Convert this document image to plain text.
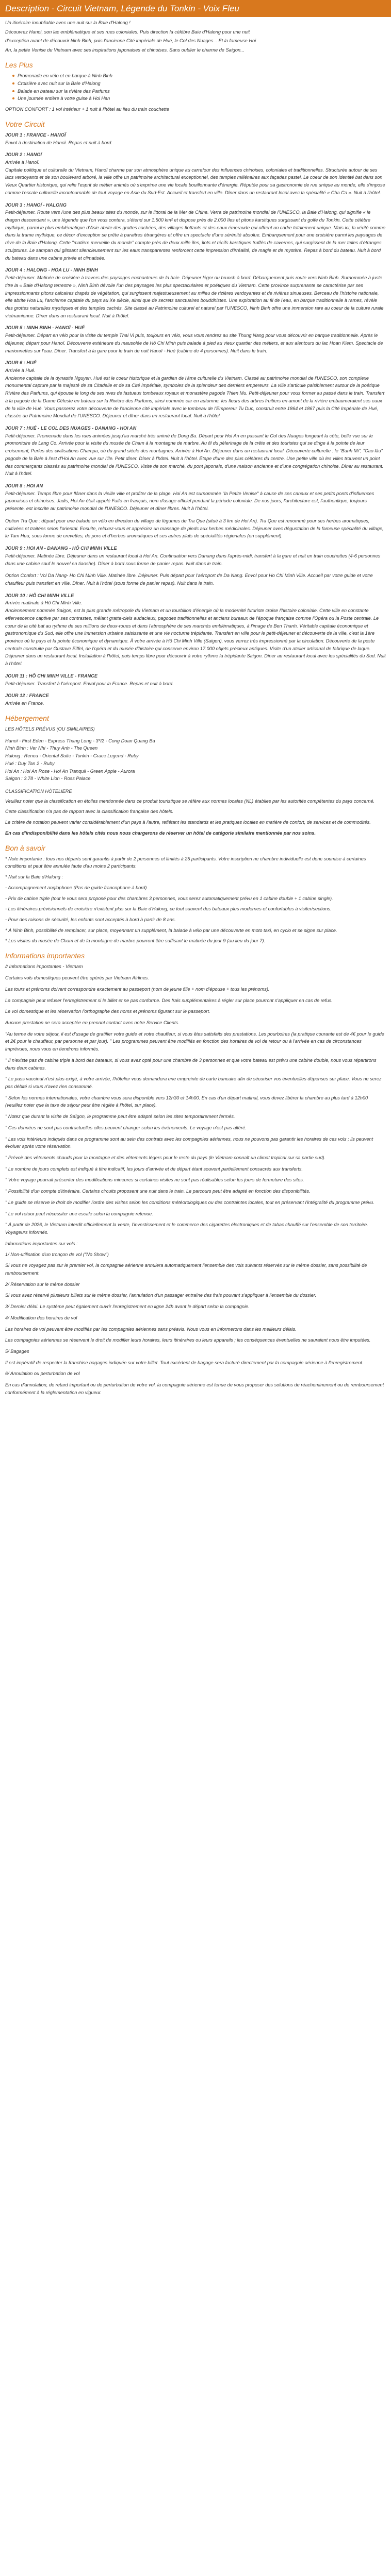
Description - Circuit Vietnam, Légende du Tonkin - Voix Fleu

Un itinéraire inoubliable avec une nuit sur la Baie d'Halong !

Découvrez Hanoi, son lac emblématique et ses rues coloniales. Puis direction la célèbre Baie d'Halong pour une nuit

d'exception avant de découvrir Ninh Binh, puis l'ancienne Cité impériale de Hué, le Col des Nuages... Et la fameuse Hoi

An, la petite Venise du Vietnam avec ses inspirations japonaises et chinoises. Sans oublier le charme de Saigon...

Les Plus
Promenade en vélo et en barque à Ninh Binh
Croisière avec nuit sur la Baie d'Halong
Balade en bateau sur la rivière des Parfums
Une journée entière à votre guise à Hoi Han

OPTION CONFORT : 1 vol intérieur + 1 nuit à l'hôtel au lieu du train couchette

Votre Circuit

JOUR 1 : FRANCE - HANOÏ

Envol à destination de Hanoï. Repas et nuit à bord.

JOUR 2 : HANOÏ

Arrivée à Hanoï.

Capitale politique et culturelle du Vietnam, Hanoï charme par son atmosphère unique au carrefour des influences chinoises, coloniales et traditionnelles. Structurée autour de ses lacs verdoyants et de son boulevard arboré, la ville offre un patrimoine architectural exceptionnel, des temples millénaires aux façades pastel. Le coeur de son identité bat dans son Vieux Quartier historique, qui relie l'esprit de métier animés où s'exprime une vie locale bouillonnante d'énergie. Réputée pour sa gastronomie de rue unique au monde, elle s'impose comme l'escale culturelle incontournable de tout voyage en Asie du Sud-Est. Accueil et transfert en ville. Dîner dans un restaurant local avec la spécialité « Cha Ca ». Nuit à l'hôtel.

JOUR 3 : HANOÏ - HALONG

Petit-déjeuner. Route vers l'une des plus beaux sites du monde, sur le littoral de la Mer de Chine. Verra de patrimoine mondial de l'UNESCO, la Baie d'Halong, qui signifie « le dragon descendant », une légende que l'on vous contera, s'étend sur 1.500 km² et dispose près de 2.000 îles et pitons karstiques surgissant du golfe du Tonkin. Cette célèbre mythique, parmi le plus emblématique d'Asie abrite des grottes cachées, des villages flottants et des eaux émeraude qui offrent un cadre totalement unique. Mais ici, la vérité comme dans la trame mythique, ce décor d'exception se prête à paraitres étrangères et offre un spectacle d'une sérénité absolue. Embarquement pour une croisière parmi les paysages de rêve de la Baie d'Halong. Cette "matière merveille du monde" compte près de deux mille îles, îlots et récifs karstiques truffés de cavernes, qui surgissent de la mer telles d'étranges sculptures. Le sampan qui glissant silencieusement sur les eaux transparentes renforcent cette impression d'irréalité, de magie et de mystère. Repas à bord du bateau. Nuit à bord du bateau dans une cabine privée et climatisée.

JOUR 4 : HALONG - HOA LU - NINH BINH

Petit-déjeuner. Matinée de croisière à travers des paysages enchanteurs de la baie. Déjeuner léger ou brunch à bord. Débarquement puis route vers Ninh Binh. Surnommée à juste titre la « Baie d'Halong terrestre », Ninh Binh dévoile l'un des paysages les plus spectaculaires et poétiques du Vietnam. Cette province surprenante se caractérise par ses impressionnants pitons calcaires drapés de végétation, qui surgissent majestueusement au milieu de rizières verdoyantes et de rivières sinueuses. Berceau de l'histoire nationale, elle abrite Hoa Lu, l'ancienne capitale du pays au Xe siècle, ainsi que de secrets sanctuaires bouddhistes. Une exploration au fil de l'eau, en barque traditionnelle à rames, révèle des grottes naturelles mystiques et des temples cachés. Site classé au Patrimoine culturel et naturel par l'UNESCO, Ninh Binh offre une immersion rare au coeur de la culture rurale vietnamienne. Dîner dans un restaurant local. Nuit à l'hôtel.

JOUR 5 : NINH BINH - HANOÏ - HUÉ

Petit-déjeuner. Départ en vélo pour la visite du temple Thai Vi puis, toujours en vélo, vous vous rendrez au site Thung Nang pour vous découvrir en barque traditionnelle. Après le déjeuner, départ pour Hanoï. Découverte extérieure du mausolée de Hô Chi Minh puis balade à pied au vieux quartier des métiers, et aux alentours du lac Hoan Kiem. Spectacle de marionnettes sur l'eau. Dîner. Transfert à la gare pour le train de nuit Hanoï - Hué (cabine de 4 personnes). Nuit dans le train.

JOUR 6 : HUÉ

Arrivée à Hué.

Ancienne capitale de la dynastie Nguyen, Hué est le coeur historique et la gardien de l'âme culturelle du Vietnam. Classé au patrimoine mondial de l'UNESCO, son complexe monumental capture par la majesté de sa Citadelle et de sa Cité Impériale, symboles de la splendeur des derniers empereurs. La ville s'articule paisiblement autour de la poétique Rivière des Parfums, qui épouse le long de ses rives de fastueux tombeaux royaux et monastère pagode Thien Mu. Petit-déjeuner pour vous former au passé dans le train. Transfert à la pagode de la Dame Céleste en bateau sur la Rivière des Parfums, ainsi nommée car en automne, les fleurs des arbres fruitiers en amont de la rivière embaumeraient ses eaux de la ville de Hué. Vous passerez votre découverte de l'ancienne cité impériale avec le tombeau de l'Empereur Tu Duc, construit entre 1864 et 1867 puis la Cité Impériale de Hué, classée au Patrimoine Mondial de l'UNESCO. Déjeuner et dîner dans un restaurant local. Nuit à l'hôtel.

JOUR 7 : HUÉ - LE COL DES NUAGES - DANANG - HOI AN

Petit-déjeuner. Promenade dans les rues animées jusqu'au marché très animé de Dong Ba. Départ pour Hoi An en passant le Col des Nuages longeant la côte, belle vue sur le promontoire de Lang Co. Arrivée pour la visite du musée de Cham à la montagne de marbre. Au fil du pèlerinage de la crête et des touristes qui se dirige à la pointe de leur croisement, Perles des civilisations Champa, où du grand siècle des montagnes. Arrivée à Hoi An. Déjeuner dans un restaurant local. Découverte culturelle : le "Banh Mi", "Cao lâu" pagode de la Baie à l'est d'Hoi An avec vue sur l'île. Petit dîner. Dîner à l'hôtel. Nuit à l'hôtel. Étape d'une des plus célèbres du centre. Une petite ville où les villes trouvent un point des commerçants classés au patrimoine mondial de l'UNESCO. Visite de son marché, du pont japonais, d'une maison ancienne et d'une congrégation chinoise. Dîner au restaurant. Nuit à l'hôtel.

JOUR 8 : HOI AN

Petit-déjeuner. Temps libre pour flâner dans la vieille ville et profiter de la plage. Hoi An est surnommée "la Petite Venise" à cause de ses canaux et ses petits ponts d'influences japonaises et chinoises. Jadis, Hoi An était appelé Faifo en français, nom d'usage officiel pendant la période coloniale. De nos jours, l'architecture est, l'authentique, toujours présente, est inscrite au patrimoine mondial de l'UNESCO. Déjeuner et dîner libres. Nuit à l'hôtel.

Option Tra Que : départ pour une balade en vélo en direction du village de légumes de Tra Que (situé à 3 km de Hoi An). Tra Que est renommé pour ses herbes aromatiques, cultivées et traitées selon l'oriental. Ensuite, relaxez-vous et appréciez un massage de pieds aux herbes médicinales. Déjeuner avec dégustation de la fameuse spécialité du village, le Tam Huu, sous forme de crevettes, de porc et d'herbes aromatiques et ses autres plats de spécialités régionales (en supplément).

JOUR 9 : HOI AN - DANANG - HÔ CHI MINH VILLE

Petit-déjeuner. Matinée libre. Déjeuner dans un restaurant local à Hoi An. Continuation vers Danang dans l'après-midi, transfert à la gare et nuit en train couchettes (4-6 personnes dans une cabine sauf le nouvel en tiaoshe). Dîner à bord sous forme de panier repas. Nuit dans le train.

Option Confort : Vol Da Nang- Ho Chi Minh Ville. Matinée libre. Déjeuner. Puis départ pour l'aéroport de Da Nang. Envol pour Ho Chi Minh Ville. Accueil par votre guide et votre chauffeur puis transfert en ville. Dîner. Nuit à l'hôtel (sous forme de panier repas). Nuit dans le train.

JOUR 10 : HÔ CHI MINH VILLE

Arrivée matinale à Hô Chi Minh Ville.

Anciennement nommée Saigon, est la plus grande métropole du Vietnam et un tourbillon d'énergie où la modernité futuriste croise l'histoire coloniale. Cette ville en constante effervescence captive par ses contrastes, mêlant gratte-ciels audacieux, pagodes traditionnelles et anciens bureaux de l'époque française comme l'Opéra ou la Poste centrale. Le cœur de la cité bat au rythme de ses millions de deux-roues et dans l'atmosphère de ses marchés emblématiques, à l'image de Ben Thanh. Véritable capitale économique et gastronomique du Sud, elle offre une immersion urbaine saisissante et une vie nocturne trépidante. Transfert en ville pour le petit-déjeuner et découverte de la ville, c'est la 1ère province où le pays et la pointe économique et dynamique. À votre arrivée à Hô Chi Minh Ville (Saigon), vous verrez très impressionné par la circulation. Découverte de la poste centrale construite par Gustave Eiffel, de l'opéra et du musée d'histoire qui conserve environ 17.000 objets précieux antiques. Visite d'un atelier artisanal de fabrique de laque. Déjeuner dans un restaurant local. Installation à l'hôtel, puis temps libre pour découvrir à votre rythme la trépidante Saigon. Dîner au restaurant local avec les spécialités du Sud. Nuit à l'hôtel.

JOUR 11 : HÔ CHI MINH VILLE - FRANCE

Petit-déjeuner. Transfert à l'aéroport. Envol pour la France. Repas et nuit à bord.

JOUR 12 : FRANCE

Arrivée en France.

Hébergement

LES HÔTELS PRÉVUS (OU SIMILAIRES)

Hanoï - First Eden - Express Thang Long - 3*/2 - Cong Doan Quang Ba

Ninh Binh : Ver Nhi - Thuy Anh - The Queen

Halong : Renea - Oriental Suite - Tonkin - Grace Legend - Ruby

Hué : Duy Tan 2 - Ruby

Hoi An : Hoi An Rose - Hoi An Tranquil - Green Apple - Aurora

Saigon : 3.78 - White Lion - Ross Palace

CLASSIFICATION HÔTELIÈRE

Veuillez noter que la classification en étoiles mentionnée dans ce produit touristique se réfère aux normes locales (NL) établies par les autorités compétentes du pays concerné.

Cette classification n'a pas de rapport avec la classification française des hôtels.

Le critère de notation peuvent varier considérablement d'un pays à l'autre, reflétant les standards et les pratiques locales en matière de confort, de services et de commodités.

En cas d'indisponibilité dans les hôtels cités nous nous chargerons de réserver un hôtel de catégorie similaire mentionnée par nos soins.

Bon à savoir

* Note importante : tous nos départs sont garantis à partir de 2 personnes et limités à 25 participants. Votre inscription ne chambre individuelle est donc soumise à certaines conditions et peut être annulée faute d'au moins 2 participants.

* Nuit sur la Baie d'Halong :

- Accompagnement anglophone (Pas de guide francophone à bord)

- Prix de cabine triple (tout le vous sera proposé pour des chambres 3 personnes, vous serez automatiquement prévu en 1 cabine double + 1 cabine single).

- Les itinéraires prévisionnels de croisière n'existent plus sur la Baie d'Halong, ce tout sauvent des bateaux plus modernes et confortables à visiter/sections.

- Pour des raisons de sécurité, les enfants sont acceptés à bord à partir de 8 ans.

* À Ninh Binh, possibilité de remplacer, sur place, moyennant un supplément, la balade à vélo par une découverte en moto taxi, en cyclo et se signe sur place.

* Les visites du musée de Cham et de la montagne de marbre pourront être suffisant le matinée du jour 9 (au lieu du jour 7).

Informations importantes

// Informations importantes - Vietnam

Certains vols domestiques peuvent être opérés par Vietnam Airlines.

Les tours et prénoms doivent correspondre exactement au passeport (nom de jeune fille + nom d'épouse + tous les prénoms).

La compagnie peut refuser l'enregistrement si le billet et ne pas conforme. Des frais supplémentaires à régler sur place pourront s'appliquer en cas de refus.

Le vol domestique et les réservation l'orthographe des noms et prénoms figurant sur le passeport.

Aucune prestation ne sera acceptée en prenant contact avec notre Service Clients.

"Au terme de votre séjour, il est d'usage de gratifier votre guide et votre chauffeur, si vous êtes satisfaits des prestations. Les pourboires (la pratique courante est de 4€ pour le guide et 2€ pour le chauffeur, par personne et par jour). " Les programmes peuvent être modifiés en fonction des horaires de vol de retour ou à l'arrivée en cas de circonstances imprévues, nous vous en tiendrons informés.

" Il n'existe pas de cabine triple à bord des bateaux, si vous avez opté pour une chambre de 3 personnes et que votre bateau est prévu une cabine double, nous vous répartirons dans deux cabines.

" Le pass vaccinal n'est plus exigé, à votre arrivée, l'hôtelier vous demandera une empreinte de carte bancaire afin de sécuriser vos éventuelles dépenses sur place. Vous ne serez pas débité si vous n'avez rien consommé.

" Selon les normes internationales, votre chambre vous sera disponible vers 12h30 et 14h00. En cas d'un départ matinal, vous devez libérer la chambre au plus tard à 12h00 (veuillez noter que la taxe de séjour peut être réglée à l'hôtel, sur place).

" Notez que durant la visite de Saïgon, le programme peut être adapté selon les sites temporairement fermés.

" Ces données ne sont pas contractuelles elles peuvent changer selon les événements. Le voyage n'est pas altéré.

" Les vols intérieurs indiqués dans ce programme sont au sein des contrats avec les compagnies aériennes, nous ne pouvons pas garantir les horaires de ces vols ; ils peuvent évoluer après votre réservation.

" Prévoir des vêtements chauds pour la montagne et des vêtements légers pour le reste du pays (le Vietnam connaît un climat tropical sur sa partie sud).

" Le nombre de jours complets est indiqué à titre indicatif, les jours d'arrivée et de départ étant souvent partiellement consacrés aux transferts.

" Votre voyage pourrait présenter des modifications mineures si certaines visites ne sont pas réalisables selon les jours de fermeture des sites.

" Possibilité d'un compte d'itinéraire. Certains circuits proposent une nuit dans le train. Le parcours peut être adapté en fonction des disponibilités.

" Le guide se réserve le droit de modifier l'ordre des visites selon les conditions météorologiques ou des contraintes locales, tout en préservant l'intégralité du programme prévu.

" Le vol retour peut nécessiter une escale selon la compagnie retenue.

" À partir de 2026, le Vietnam interdit officiellement la vente, l'investissement et le commerce des cigarettes électroniques et de tabac chauffé sur l'ensemble de son territoire. Voyageurs informés.

Informations importantes sur vols :

1/ Non-utilisation d'un tronçon de vol ("No Show")

Si vous ne voyagez pas sur le premier vol, la compagnie aérienne annulera automatiquement l'ensemble des vols suivants réservés sur le même dossier, sans possibilité de remboursement.

2/ Réservation sur le même dossier

Si vous avez réservé plusieurs billets sur le même dossier, l'annulation d'un passager entraîne des frais pouvant s'appliquer à l'ensemble du dossier.

3/ Dernier délai. Le système peut également ouvrir l'enregistrement en ligne 24h avant le départ selon la compagnie.

4/ Modification des horaires de vol

Les horaires de vol peuvent être modifiés par les compagnies aériennes sans préavis. Nous vous en informerons dans les meilleurs délais.

Les compagnies aériennes se réservent le droit de modifier leurs horaires, leurs itinéraires ou leurs appareils ; les conséquences éventuelles ne sauraient nous être imputées.

5/ Bagages

Il est impératif de respecter la franchise bagages indiquée sur votre billet. Tout excédent de bagage sera facturé directement par la compagnie aérienne à l'enregistrement.

6/ Annulation ou perturbation de vol

En cas d'annulation, de retard important ou de perturbation de votre vol, la compagnie aérienne est tenue de vous proposer des solutions de réacheminement ou de remboursement conformément à la réglementation en vigueur.
